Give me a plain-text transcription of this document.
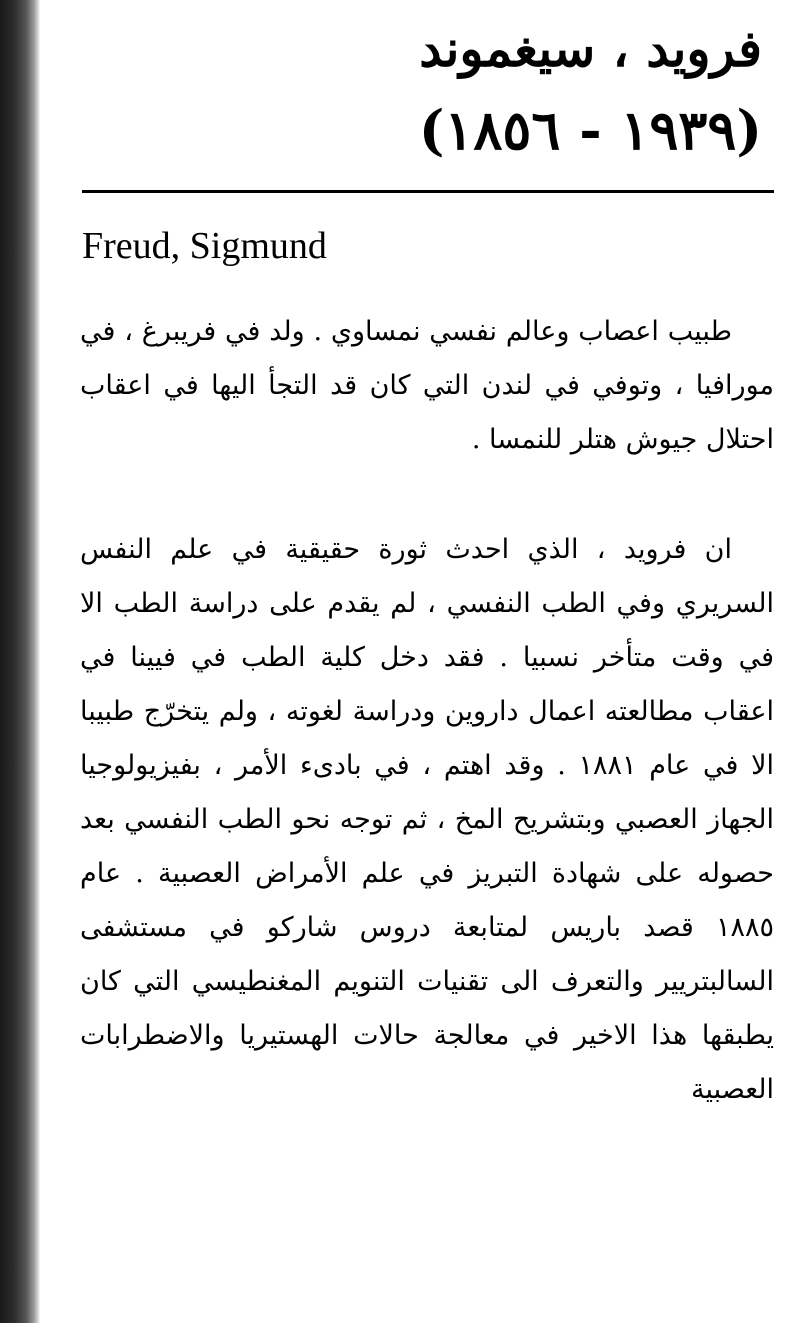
فرويد ، سيغموند
(١٩٣٩ - ١٨٥٦)

Freud, Sigmund

طبيب اعصاب وعالم نفسي نمساوي . ولد في فريبرغ ، في مورافيا ، وتوفي في لندن التي كان قد التجأ اليها في اعقاب احتلال جيوش هتلر للنمسا .

ان فرويد ، الذي احدث ثورة حقيقية في علم النفس السريري وفي الطب النفسي ، لم يقدم على دراسة الطب الا في وقت متأخر نسبيا . فقد دخل كلية الطب في فيينا في اعقاب مطالعته اعمال داروين ودراسة لغوته ، ولم يتخرّج طبيبا الا في عام ١٨٨١ . وقد اهتم ، في بادىء الأمر ، بفيزيولوجيا الجهاز العصبي وبتشريح المخ ، ثم توجه نحو الطب النفسي بعد حصوله على شهادة التبريز في علم الأمراض العصبية . عام ١٨٨٥ قصد باريس لمتابعة دروس شاركو في مستشفى السالبتريير والتعرف الى تقنيات التنويم المغنطيسي التي كان يطبقها هذا الاخير في معالجة حالات الهستيريا والاضطرابات العصبية
